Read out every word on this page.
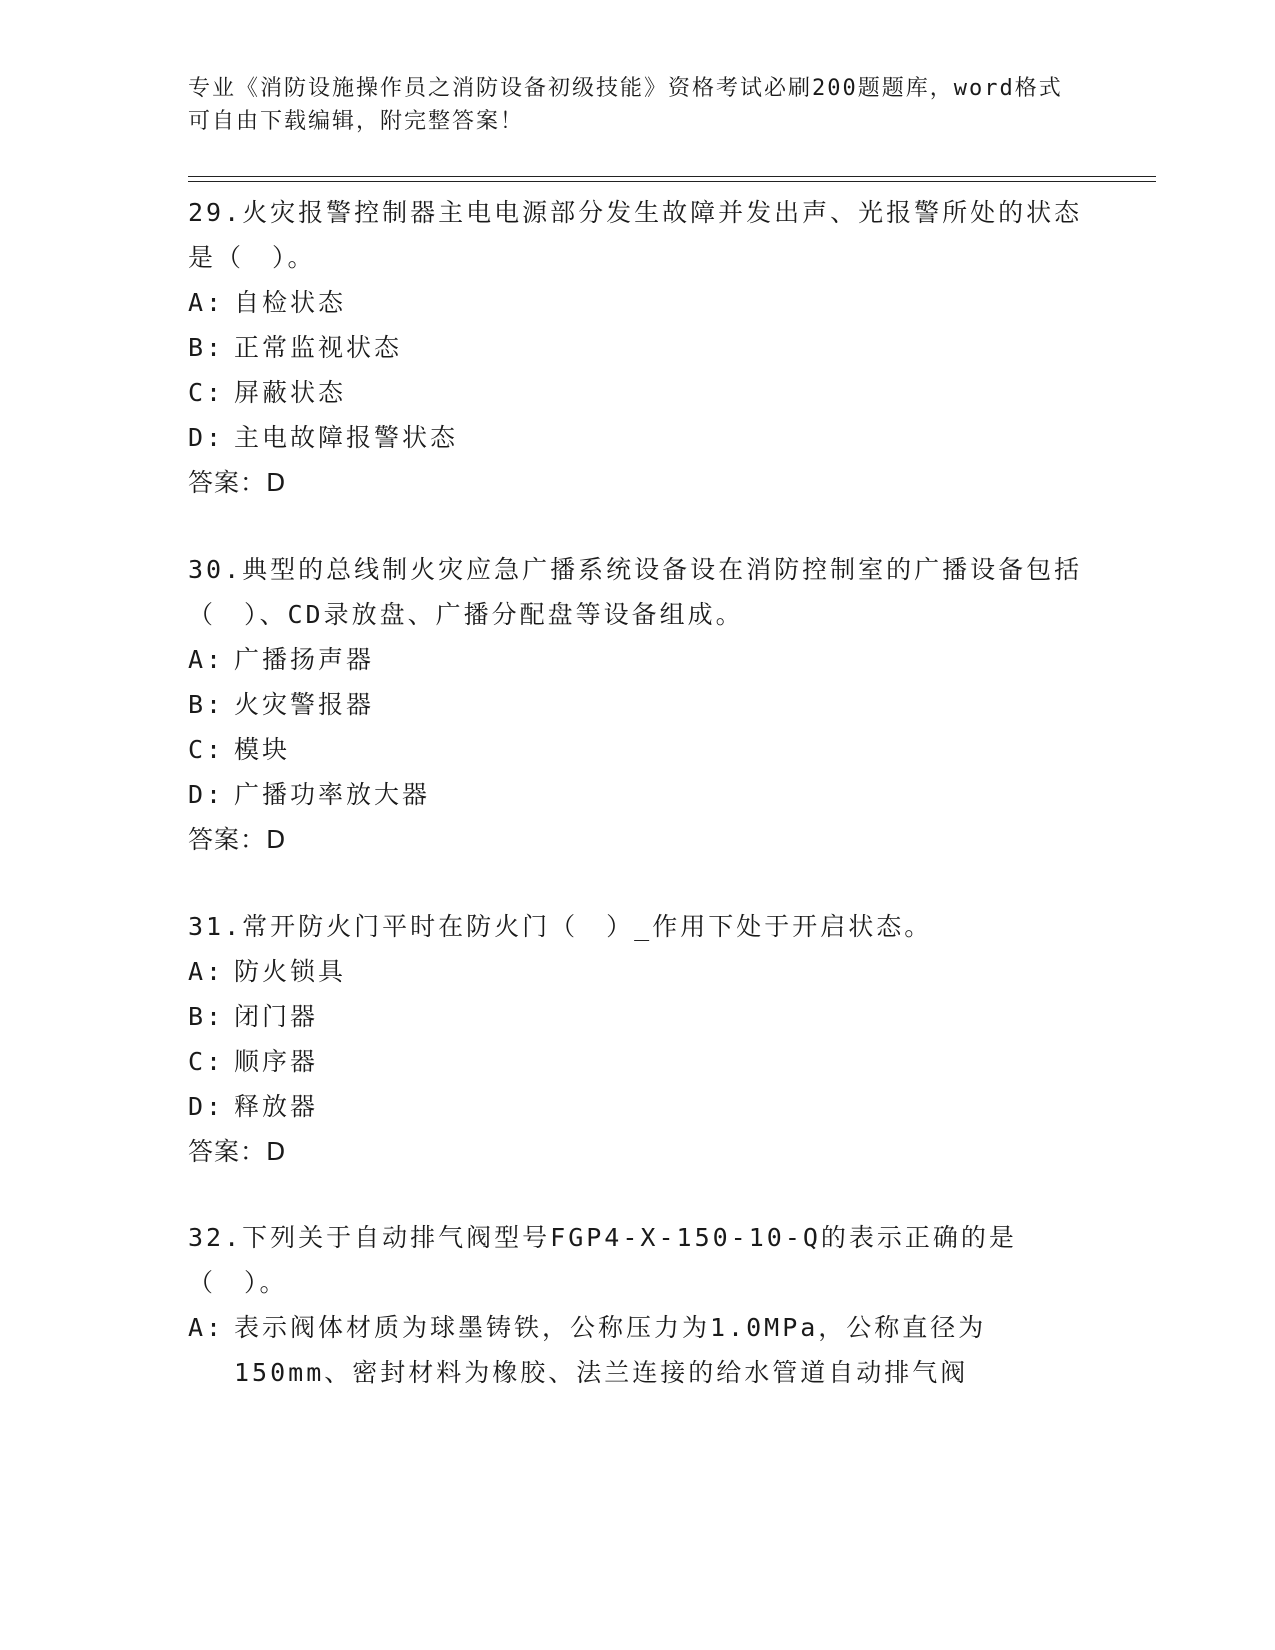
专业《消防设施操作员之消防设备初级技能》资格考试必刷200题题库，word格式可自由下载编辑，附完整答案！

29.火灾报警控制器主电电源部分发生故障并发出声、光报警所处的状态是（　）。

A: 自检状态
B: 正常监视状态
C: 屏蔽状态
D: 主电故障报警状态
答案：D

30.典型的总线制火灾应急广播系统设备设在消防控制室的广播设备包括（　）、CD录放盘、广播分配盘等设备组成。

A: 广播扬声器
B: 火灾警报器
C: 模块
D: 广播功率放大器
答案：D

31.常开防火门平时在防火门（　）_作用下处于开启状态。

A: 防火锁具
B: 闭门器
C: 顺序器
D: 释放器
答案：D

32.下列关于自动排气阀型号FGP4-X-150-10-Q的表示正确的是（　）。

A: 表示阀体材质为球墨铸铁，公称压力为1.0MPa，公称直径为150mm、密封材料为橡胶、法兰连接的给水管道自动排气阀
